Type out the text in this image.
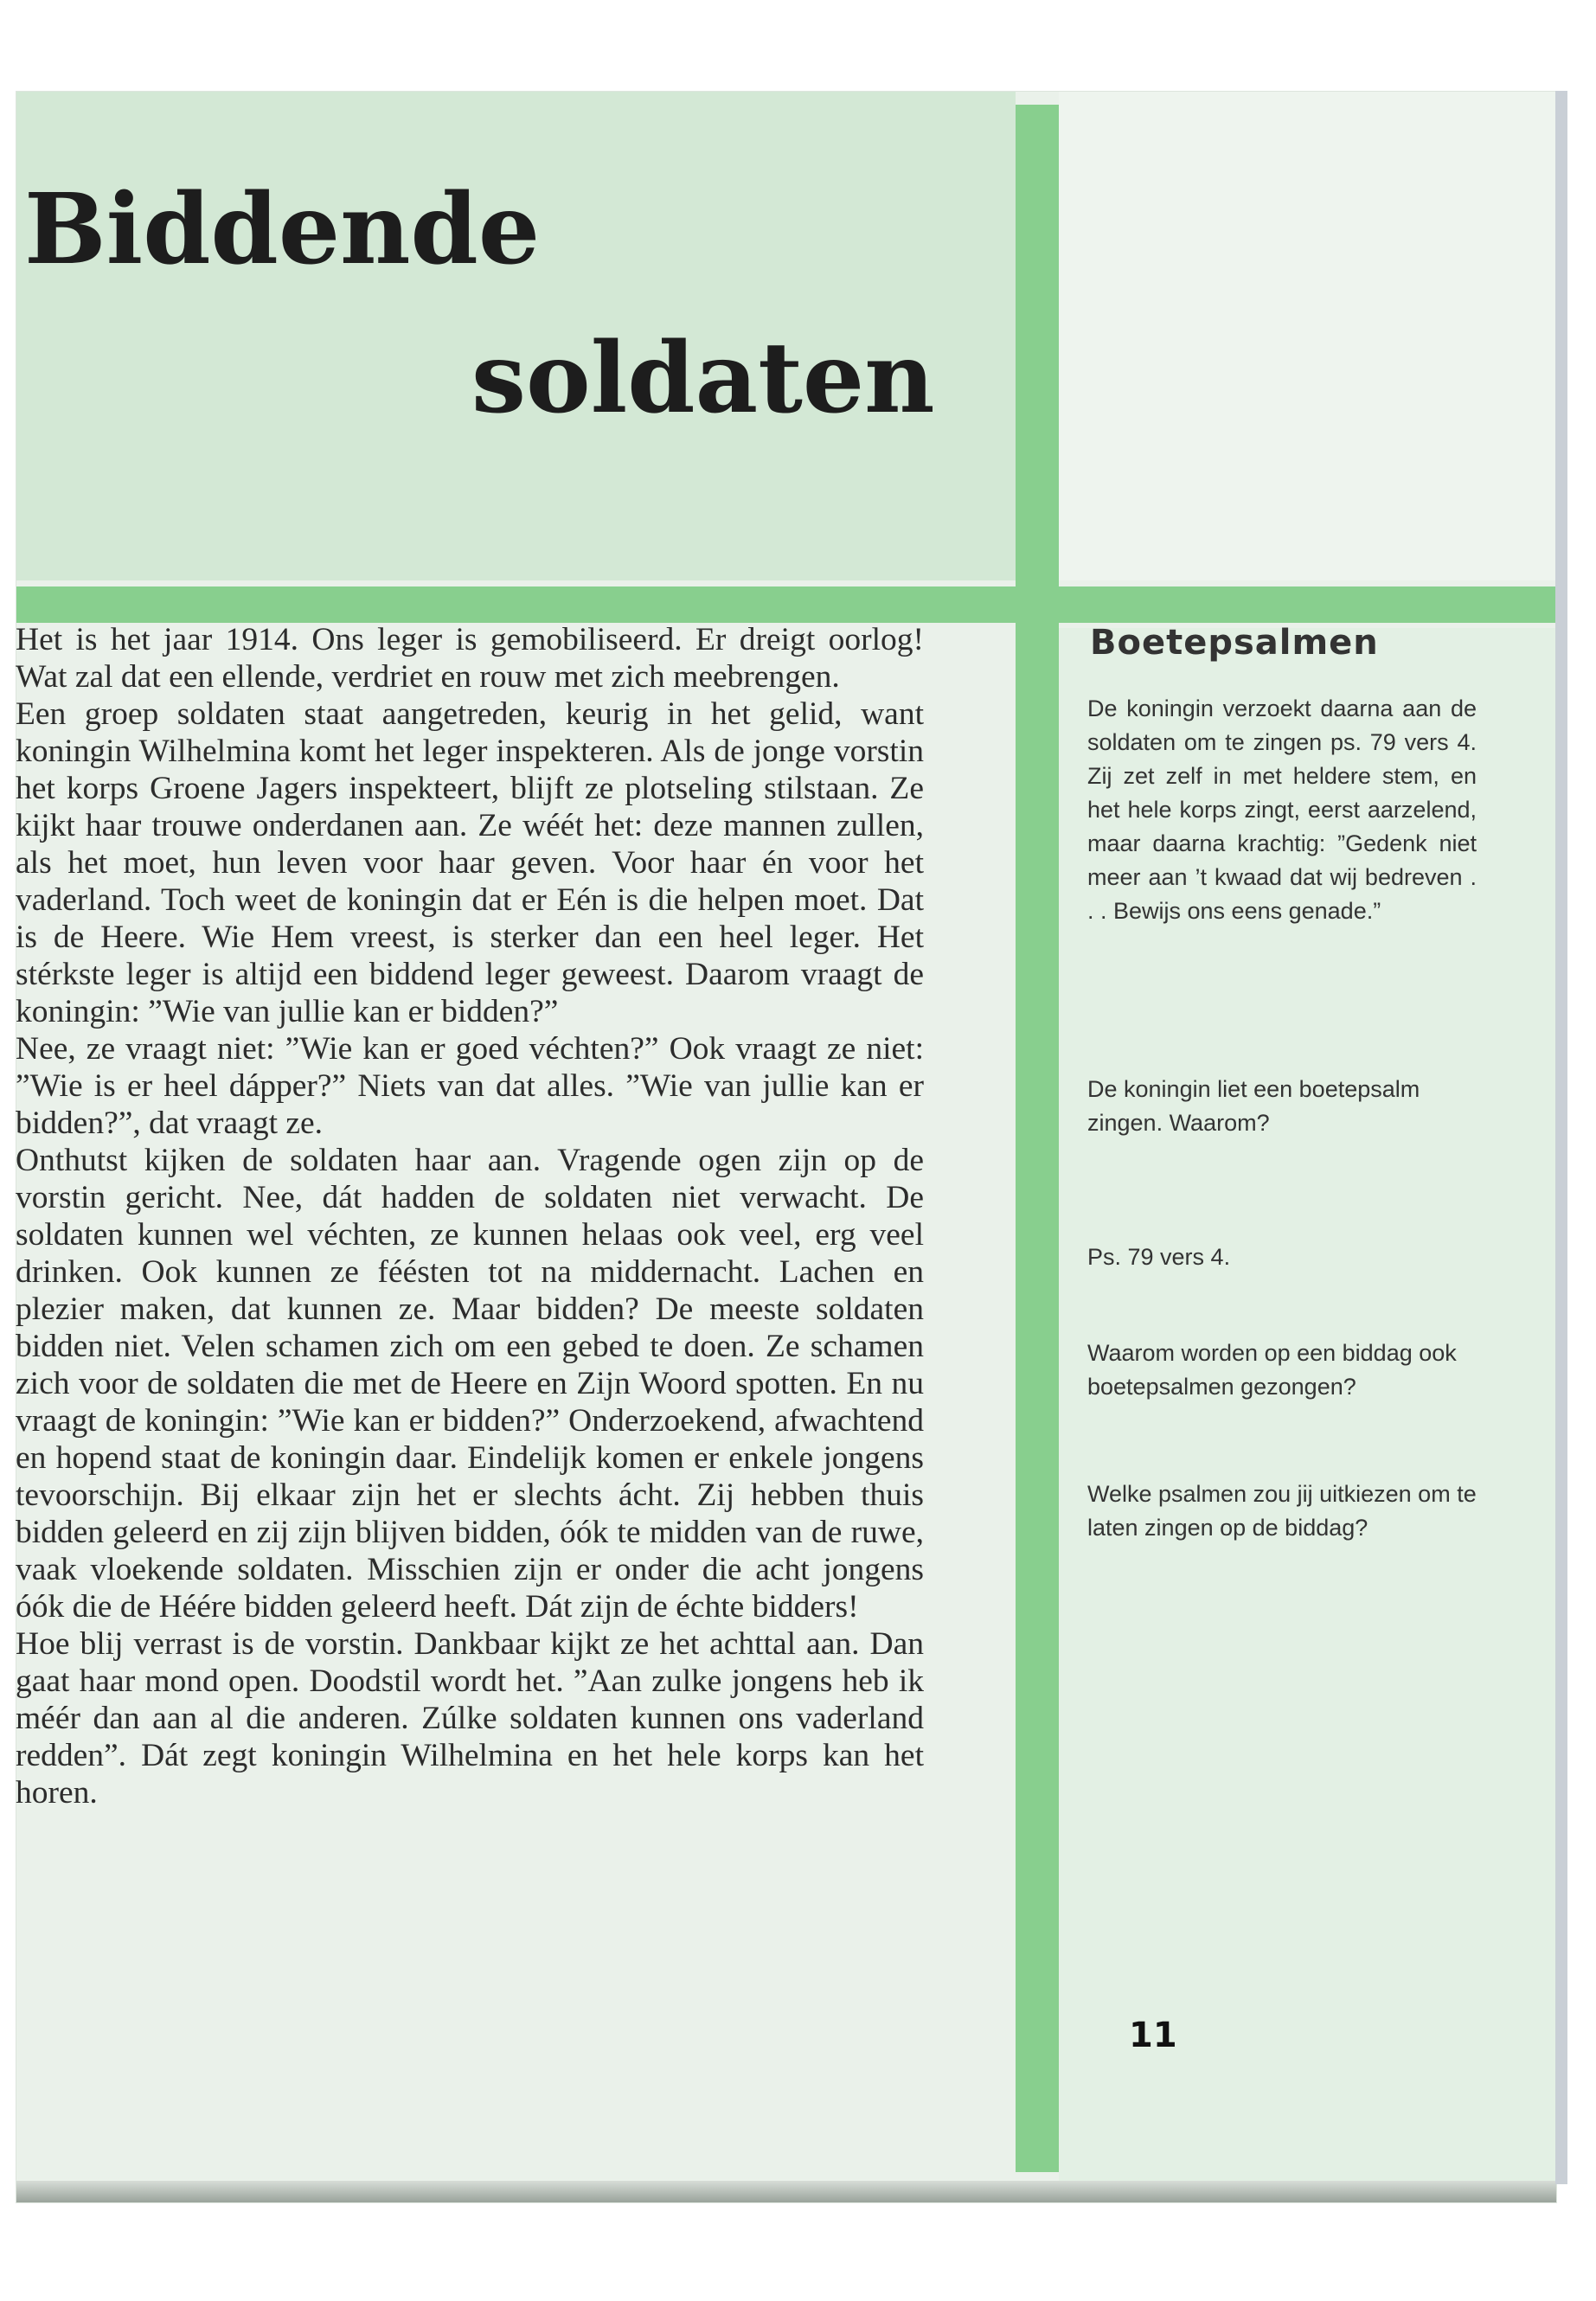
Biddende
soldaten

Het is het jaar 1914. Ons leger is gemobiliseerd. Er dreigt oorlog! Wat zal dat een ellende, verdriet en rouw met zich meebrengen.

Een groep soldaten staat aangetreden, keurig in het gelid, want koningin Wilhelmina komt het leger inspekteren. Als de jonge vorstin het korps Groene Jagers inspekteert, blijft ze plotseling stilstaan. Ze kijkt haar trouwe onderdanen aan. Ze wéét het: deze mannen zullen, als het moet, hun leven voor haar geven. Voor haar én voor het vaderland. Toch weet de koningin dat er Eén is die helpen moet. Dat is de Heere. Wie Hem vreest, is sterker dan een heel leger. Het stérkste leger is altijd een biddend leger geweest. Daarom vraagt de koningin: ”Wie van jullie kan er bidden?”

Nee, ze vraagt niet: ”Wie kan er goed véchten?” Ook vraagt ze niet: ”Wie is er heel dápper?” Niets van dat alles. ”Wie van jullie kan er bidden?”, dat vraagt ze.

Onthutst kijken de soldaten haar aan. Vragende ogen zijn op de vorstin gericht. Nee, dát hadden de soldaten niet verwacht. De soldaten kunnen wel véchten, ze kunnen helaas ook veel, erg veel drinken. Ook kunnen ze féésten tot na middernacht. Lachen en plezier maken, dat kunnen ze. Maar bidden? De meeste soldaten bidden niet. Velen schamen zich om een gebed te doen. Ze schamen zich voor de soldaten die met de Heere en Zijn Woord spotten. En nu vraagt de koningin: ”Wie kan er bidden?” Onderzoekend, afwachtend en hopend staat de koningin daar. Eindelijk komen er enkele jongens tevoorschijn. Bij elkaar zijn het er slechts ácht. Zij hebben thuis bidden geleerd en zij zijn blijven bidden, óók te midden van de ruwe, vaak vloekende soldaten. Misschien zijn er onder die acht jongens óók die de Héére bidden geleerd heeft. Dát zijn de échte bidders!

Hoe blij verrast is de vorstin. Dankbaar kijkt ze het achttal aan. Dan gaat haar mond open. Doodstil wordt het. ”Aan zulke jongens heb ik méér dan aan al die anderen. Zúlke soldaten kunnen ons vaderland redden”. Dát zegt koningin Wilhelmina en het hele korps kan het horen.

Boetepsalmen

De koningin verzoekt daarna aan de soldaten om te zingen ps. 79 vers 4. Zij zet zelf in met heldere stem, en het hele korps zingt, eerst aarzelend, maar daarna krachtig: ”Gedenk niet meer aan ’t kwaad dat wij bedreven . . . Bewijs ons eens genade.”

De koningin liet een boetepsalm zingen. Waarom?

Ps. 79 vers 4.

Waarom worden op een biddag ook boetepsalmen gezongen?

Welke psalmen zou jij uitkiezen om te laten zingen op de biddag?

11
